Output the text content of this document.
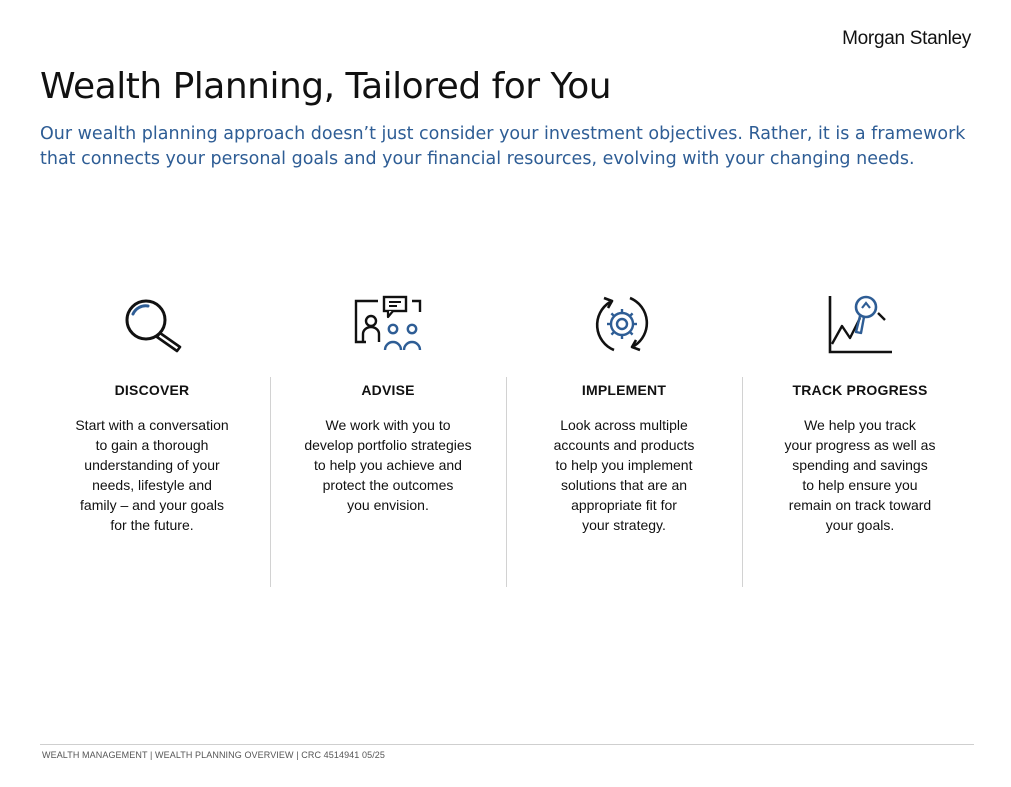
Morgan Stanley
Wealth Planning, Tailored for You

Our wealth planning approach doesn’t just consider your investment objectives. Rather, it is a framework that connects your personal goals and your financial resources, evolving with your changing needs.

DISCOVER
Start with a conversation
to gain a thorough
understanding of your
needs, lifestyle and
family – and your goals
for the future.
ADVISE
We work with you to
develop portfolio strategies
to help you achieve and
protect the outcomes
you envision.
IMPLEMENT
Look across multiple
accounts and products
to help you implement
solutions that are an
appropriate fit for
your strategy.
TRACK PROGRESS
We help you track
your progress as well as
spending and savings
to help ensure you
remain on track toward
your goals.
WEALTH MANAGEMENT | WEALTH PLANNING OVERVIEW | CRC 4514941 05/25
